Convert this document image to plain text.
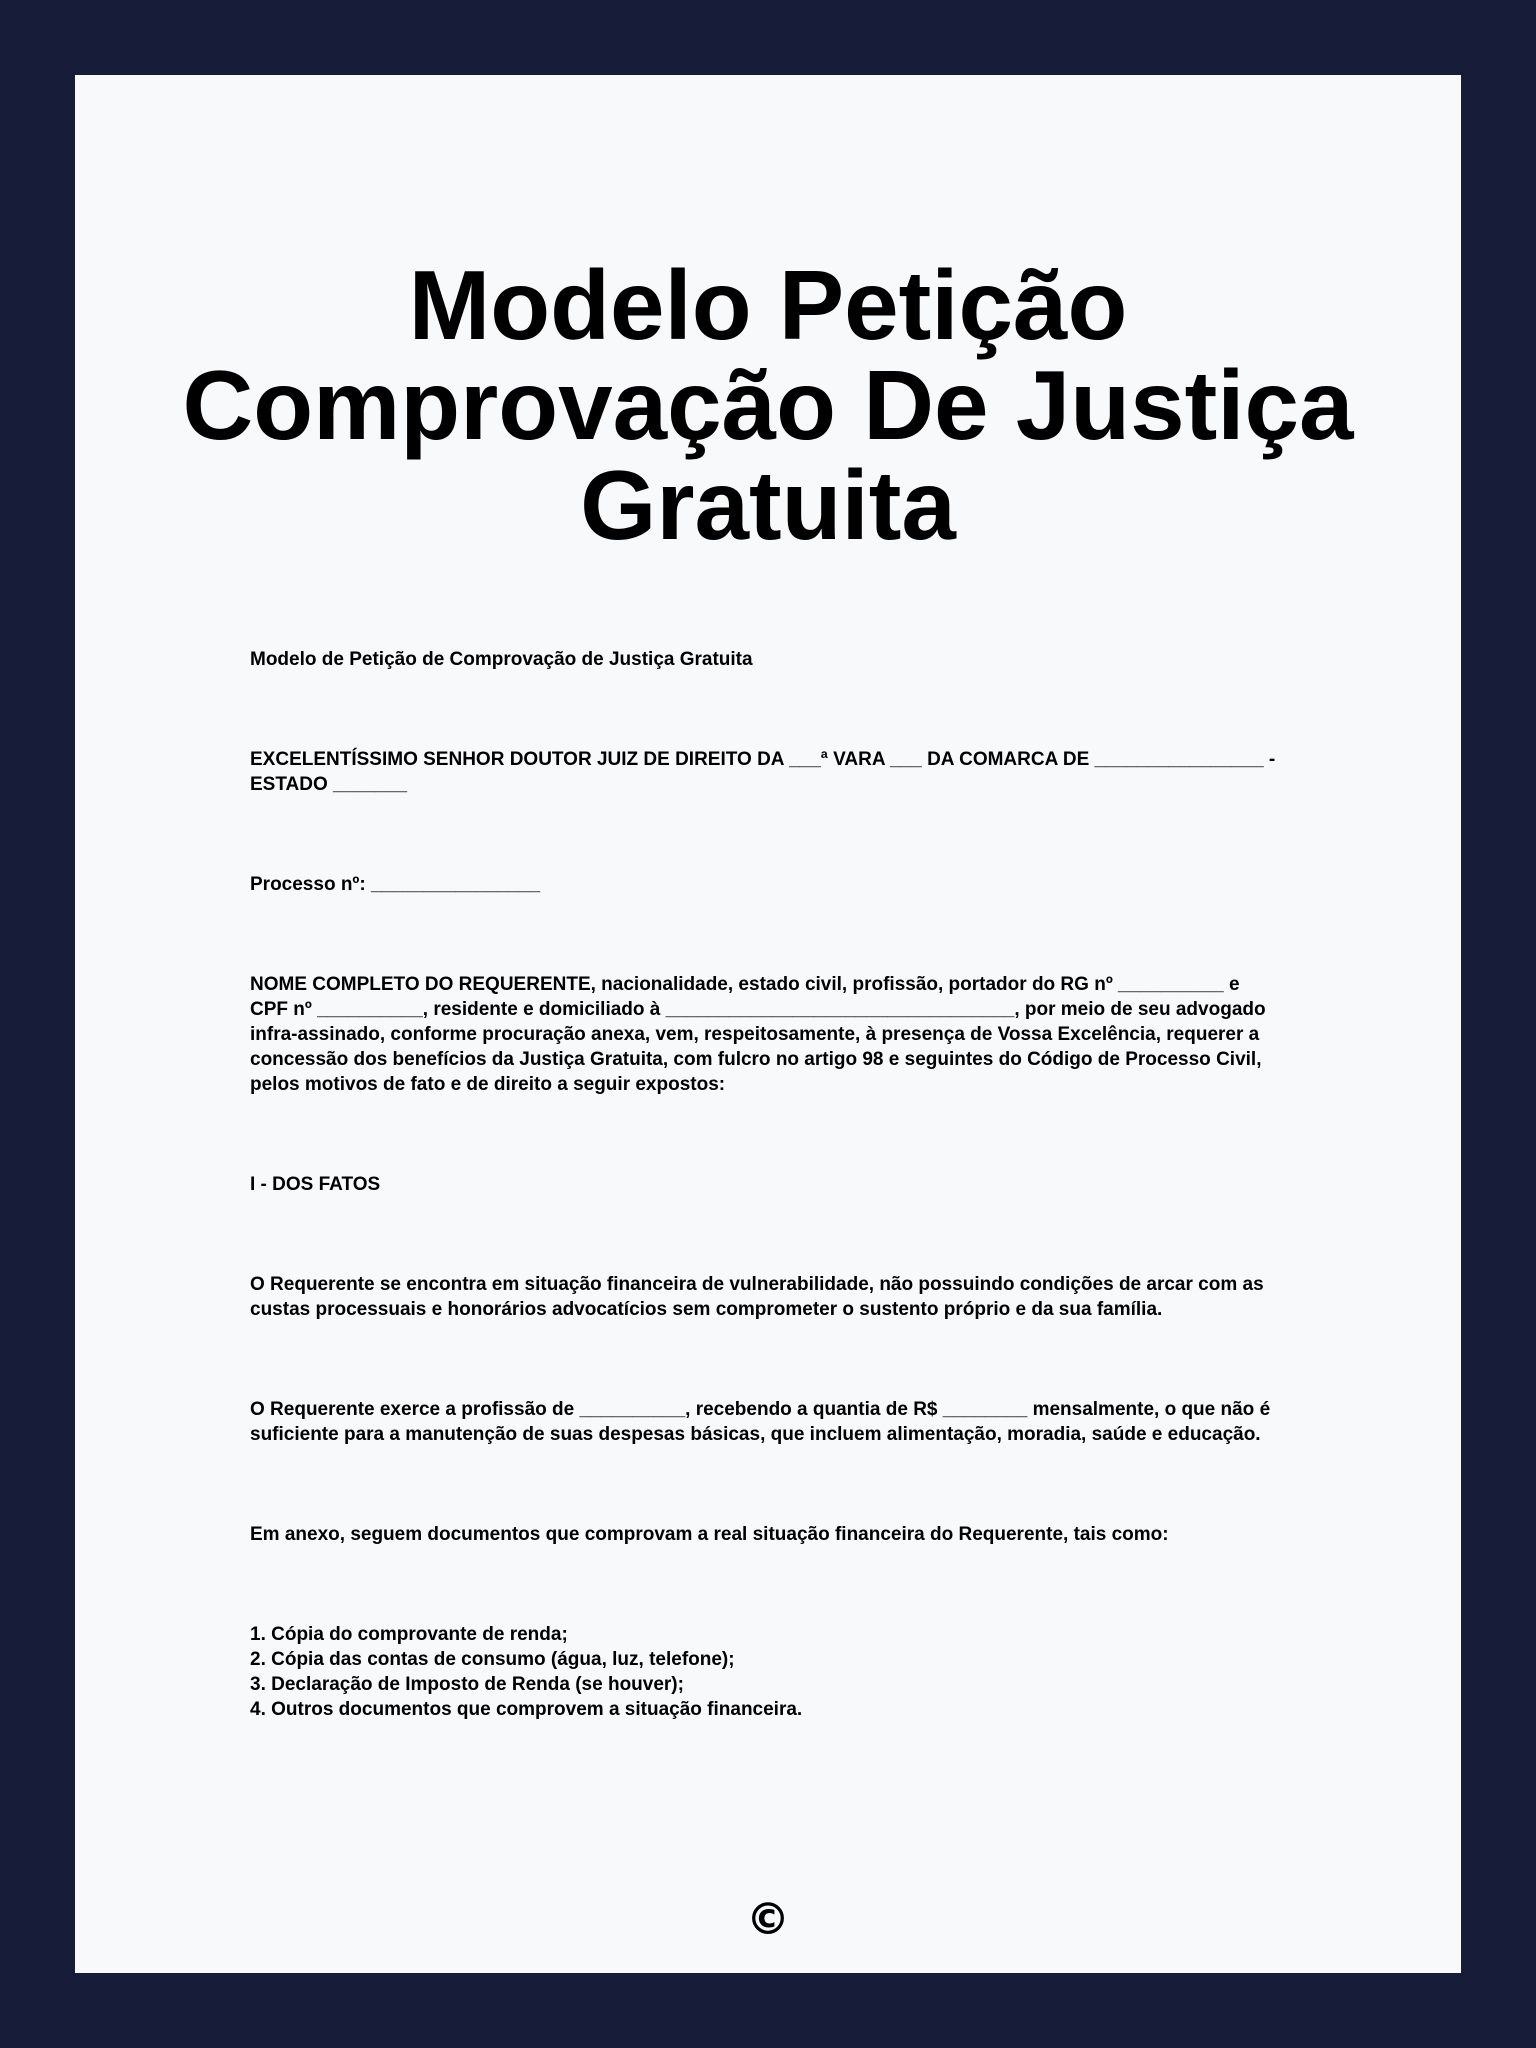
Modelo Petição
Comprovação De Justiça
Gratuita

Modelo de Petição de Comprovação de Justiça Gratuita

EXCELENTÍSSIMO SENHOR DOUTOR JUIZ DE DIREITO DA ___ª VARA ___ DA COMARCA DE ________________ - ESTADO _______

Processo nº: ________________

NOME COMPLETO DO REQUERENTE, nacionalidade, estado civil, profissão, portador do RG nº __________ e CPF nº __________, residente e domiciliado à _________________________________, por meio de seu advogado infra-assinado, conforme procuração anexa, vem, respeitosamente, à presença de Vossa Excelência, requerer a concessão dos benefícios da Justiça Gratuita, com fulcro no artigo 98 e seguintes do Código de Processo Civil, pelos motivos de fato e de direito a seguir expostos:

I - DOS FATOS

O Requerente se encontra em situação financeira de vulnerabilidade, não possuindo condições de arcar com as custas processuais e honorários advocatícios sem comprometer o sustento próprio e da sua família.

O Requerente exerce a profissão de __________, recebendo a quantia de R$ ________ mensalmente, o que não é suficiente para a manutenção de suas despesas básicas, que incluem alimentação, moradia, saúde e educação.

Em anexo, seguem documentos que comprovam a real situação financeira do Requerente, tais como:

1. Cópia do comprovante de renda;
2. Cópia das contas de consumo (água, luz, telefone);
3. Declaração de Imposto de Renda (se houver);
4. Outros documentos que comprovem a situação financeira.
©
